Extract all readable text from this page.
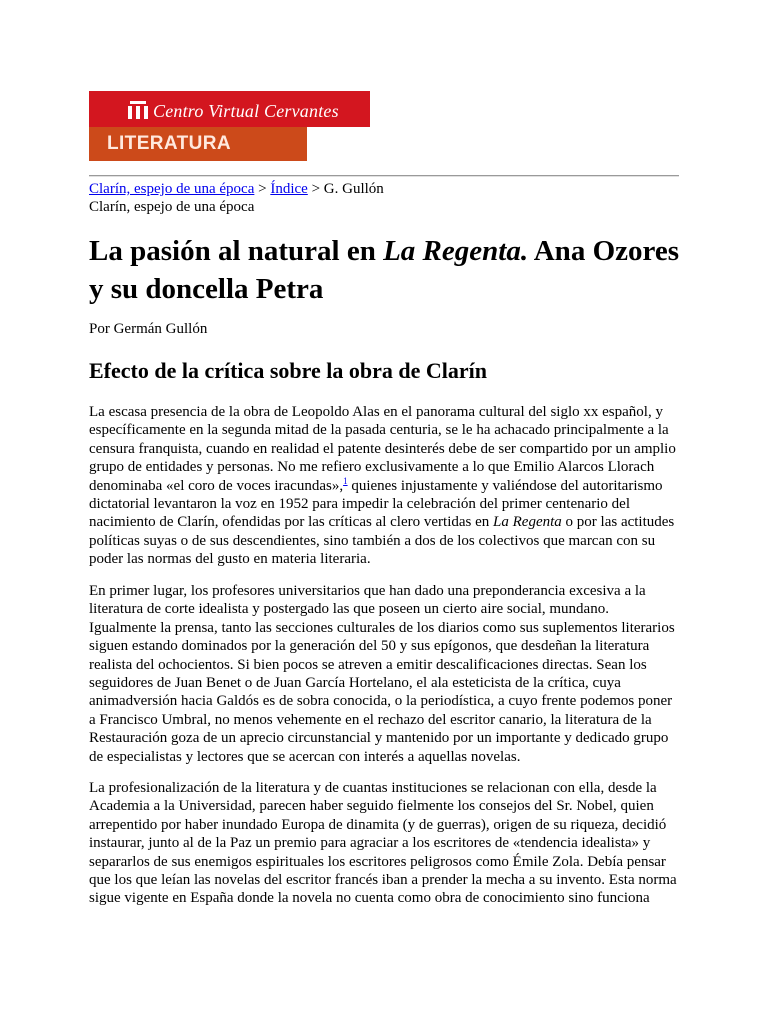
Centro Virtual Cervantes
LITERATURA
Clarín, espejo de una época > Índice > G. Gullón
Clarín, espejo de una época
La pasión al natural en La Regenta. Ana Ozores y su doncella Petra
Por Germán Gullón
Efecto de la crítica sobre la obra de Clarín

La escasa presencia de la obra de Leopoldo Alas en el panorama cultural del siglo xx español, y específicamente en la segunda mitad de la pasada centuria, se le ha achacado principalmente a la censura franquista, cuando en realidad el patente desinterés debe de ser compartido por un amplio grupo de entidades y personas. No me refiero exclusivamente a lo que Emilio Alarcos Llorach denominaba «el coro de voces iracundas»,$^1$ quienes injustamente y valiéndose del autoritarismo dictatorial levantaron la voz en 1952 para impedir la celebración del primer centenario del nacimiento de Clarín, ofendidas por las críticas al clero vertidas en La Regenta o por las actitudes políticas suyas o de sus descendientes, sino también a dos de los colectivos que marcan con su poder las normas del gusto en materia literaria.

En primer lugar, los profesores universitarios que han dado una preponderancia excesiva a la literatura de corte idealista y postergado las que poseen un cierto aire social, mundano. Igualmente la prensa, tanto las secciones culturales de los diarios como sus suplementos literarios siguen estando dominados por la generación del 50 y sus epígonos, que desdeñan la literatura realista del ochocientos. Si bien pocos se atreven a emitir descalificaciones directas. Sean los seguidores de Juan Benet o de Juan García Hortelano, el ala esteticista de la crítica, cuya animadversión hacia Galdós es de sobra conocida, o la periodística, a cuyo frente podemos poner a Francisco Umbral, no menos vehemente en el rechazo del escritor canario, la literatura de la Restauración goza de un aprecio circunstancial y mantenido por un importante y dedicado grupo de especialistas y lectores que se acercan con interés a aquellas novelas.

La profesionalización de la literatura y de cuantas instituciones se relacionan con ella, desde la Academia a la Universidad, parecen haber seguido fielmente los consejos del Sr. Nobel, quien arrepentido por haber inundado Europa de dinamita (y de guerras), origen de su riqueza, decidió instaurar, junto al de la Paz un premio para agraciar a los escritores de «tendencia idealista» y separarlos de sus enemigos espirituales los escritores peligrosos como Émile Zola. Debía pensar que los que leían las novelas del escritor francés iban a prender la mecha a su invento. Esta norma sigue vigente en España donde la novela no cuenta como obra de conocimiento sino funciona
